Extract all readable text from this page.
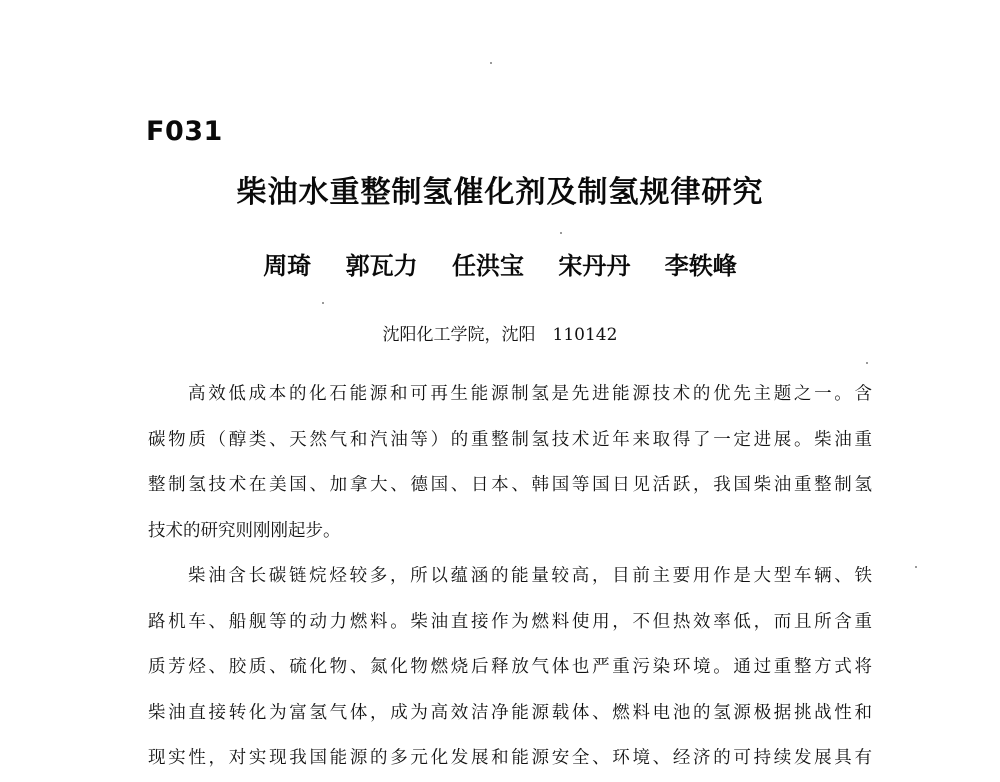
F031
柴油水重整制氢催化剂及制氢规律研究
周琦 郭瓦力 任洪宝 宋丹丹 李轶峰
沈阳化工学院，沈阳　110142
高效低成本的化石能源和可再生能源制氢是先进能源技术的优先主题之一。含
碳物质（醇类、天然气和汽油等）的重整制氢技术近年来取得了一定进展。柴油重
整制氢技术在美国、加拿大、德国、日本、韩国等国日见活跃，我国柴油重整制氢
技术的研究则刚刚起步。
柴油含长碳链烷烃较多，所以蕴涵的能量较高，目前主要用作是大型车辆、铁
路机车、船舰等的动力燃料。柴油直接作为燃料使用，不但热效率低，而且所含重
质芳烃、胶质、硫化物、氮化物燃烧后释放气体也严重污染环境。通过重整方式将
柴油直接转化为富氢气体，成为高效洁净能源载体、燃料电池的氢源极据挑战性和
现实性，对实现我国能源的多元化发展和能源安全、环境、经济的可持续发展具有
